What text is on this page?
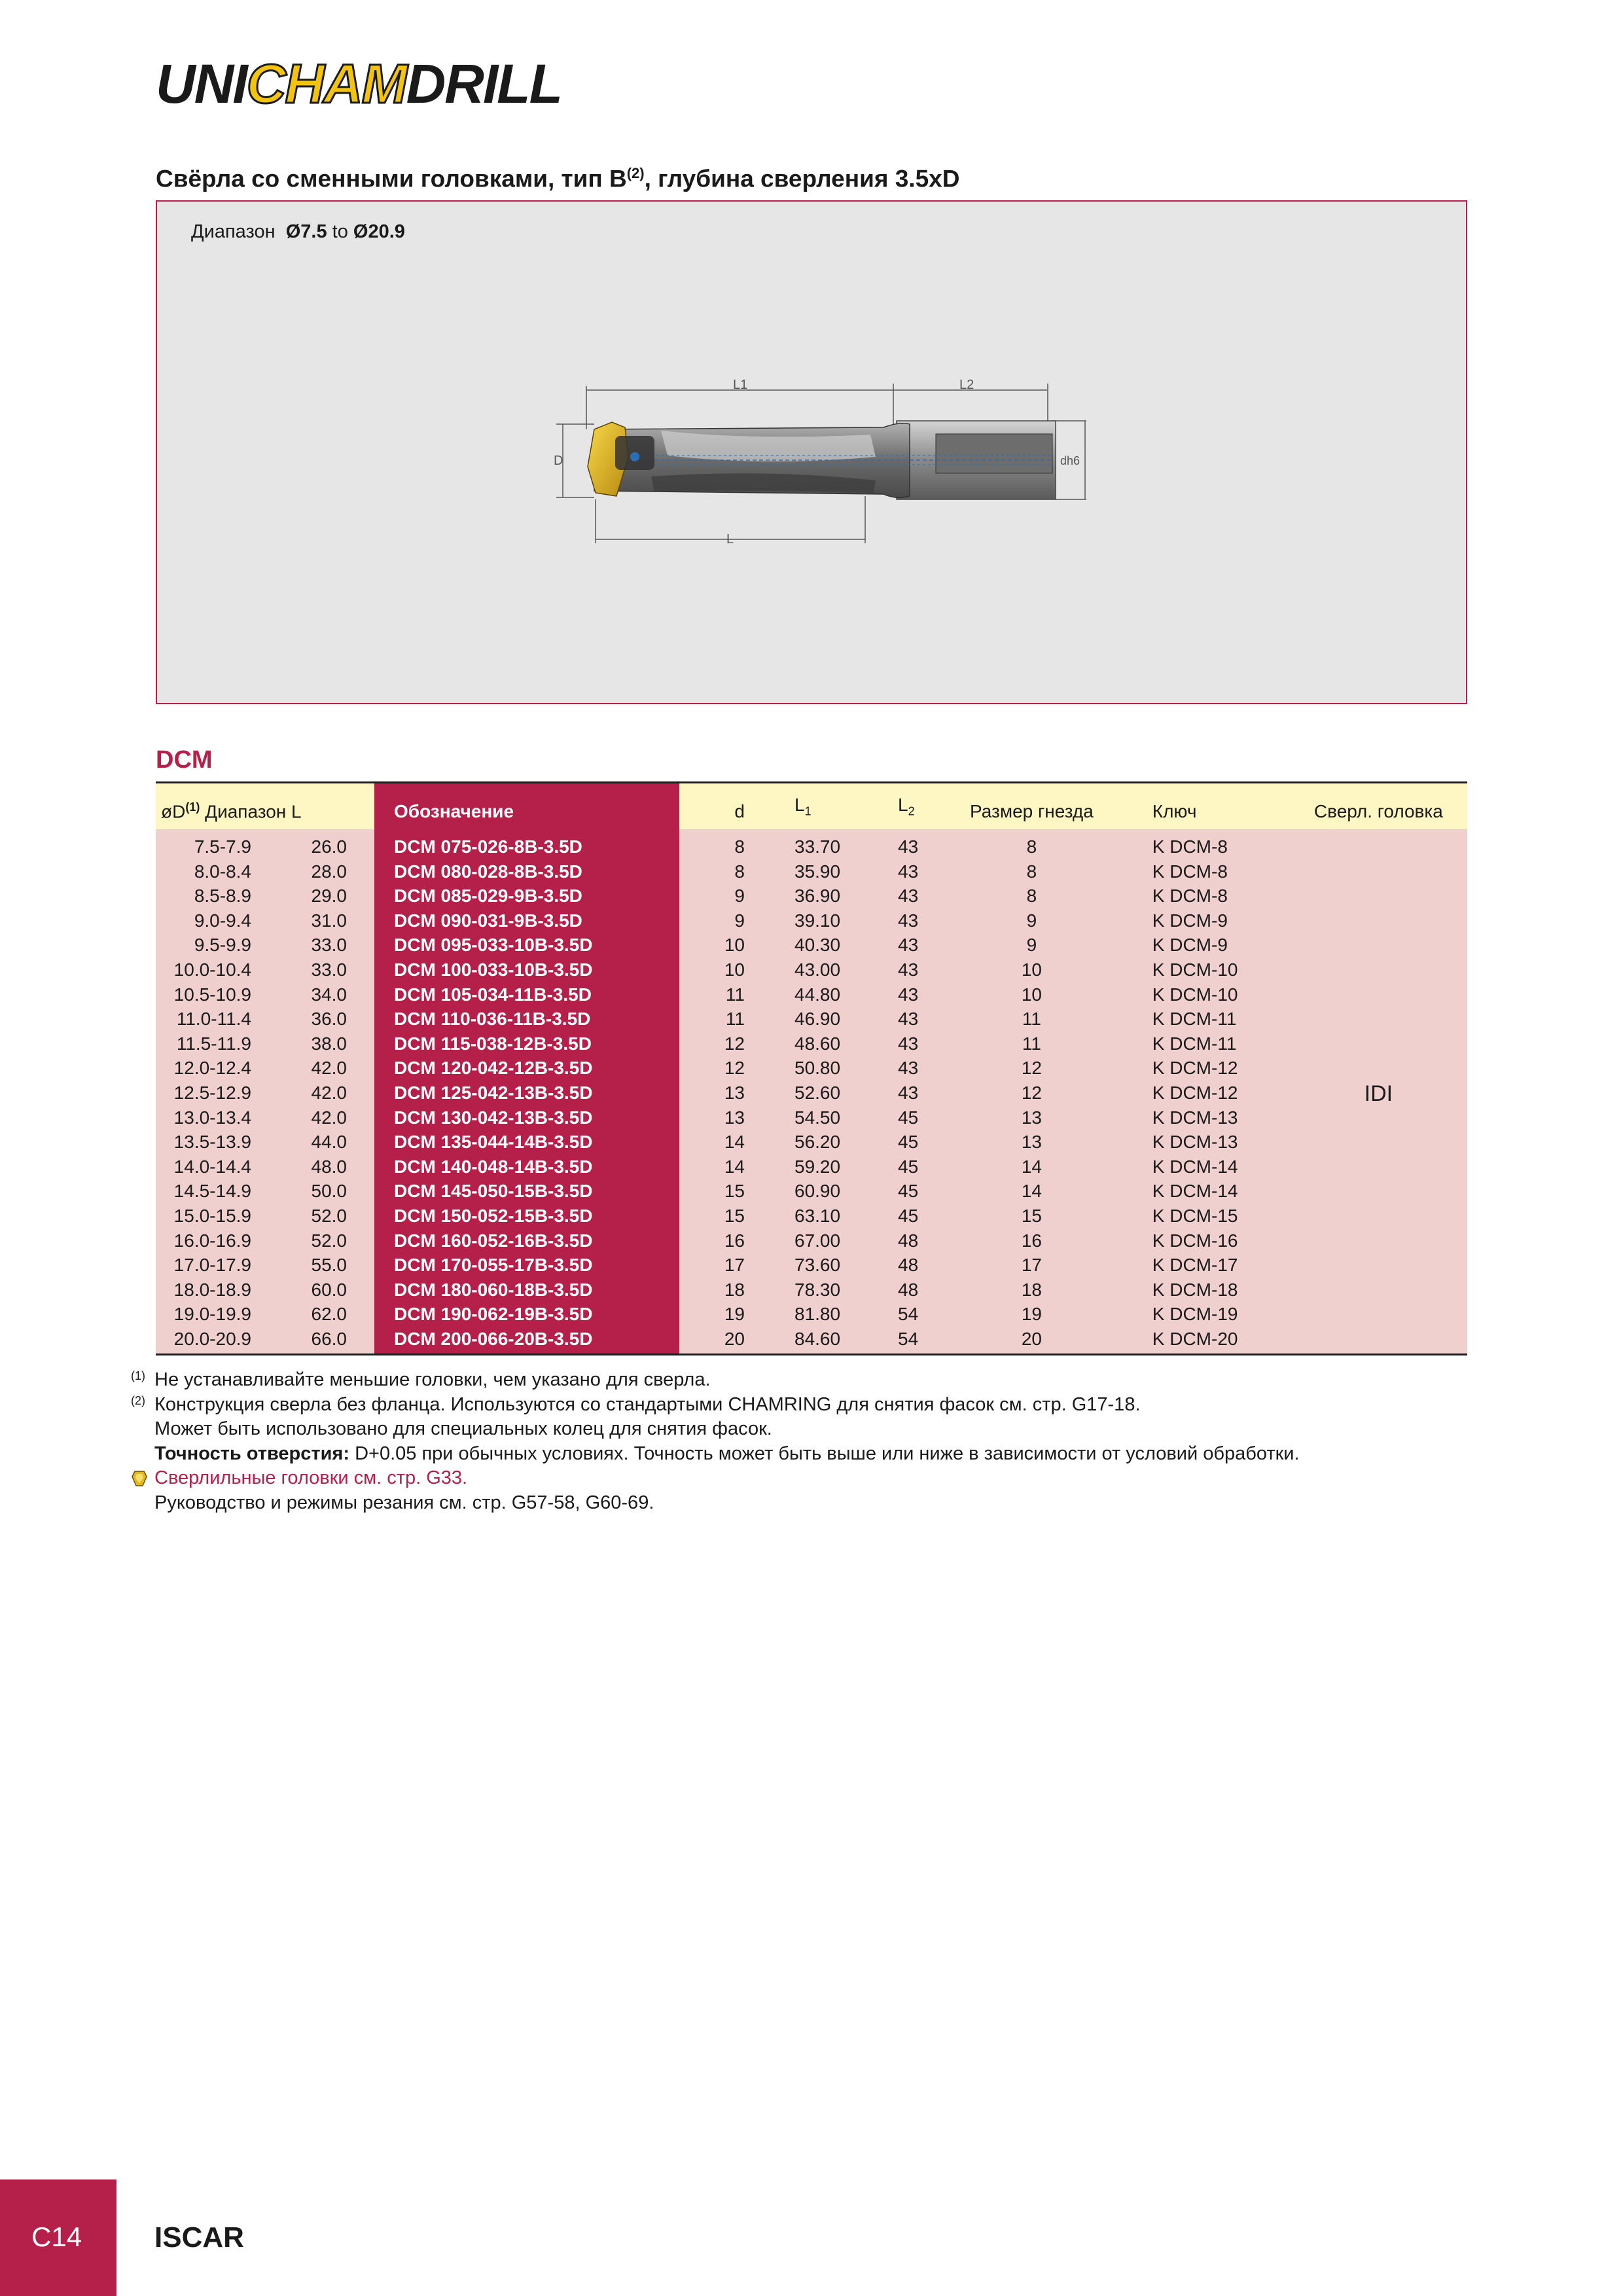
UNICHAMDRILL
Свёрла со сменными головками, тип $B^{(2)}$, глубина сверления 3.5xD
Диапазон Ø7.5 to Ø20.9
L1	L2
D	dh6
L
DCM
$øD^{(1)}$ Диапазон L		Обозначение	d	$L_1$	$L_2$	Размер гнезда	Ключ	Сверл. головка
7.5-7.9	26.0	DCM 075-026-8B-3.5D	8	33.70	43	8	K DCM-8	IDI
8.0-8.4	28.0	DCM 080-028-8B-3.5D	8	35.90	43	8	K DCM-8	
8.5-8.9	29.0	DCM 085-029-9B-3.5D	9	36.90	43	8	K DCM-8	
9.0-9.4	31.0	DCM 090-031-9B-3.5D	9	39.10	43	9	K DCM-9	
9.5-9.9	33.0	DCM 095-033-10B-3.5D	10	40.30	43	9	K DCM-9	
10.0-10.4	33.0	DCM 100-033-10B-3.5D	10	43.00	43	10	K DCM-10	
10.5-10.9	34.0	DCM 105-034-11B-3.5D	11	44.80	43	10	K DCM-10	
11.0-11.4	36.0	DCM 110-036-11B-3.5D	11	46.90	43	11	K DCM-11	
11.5-11.9	38.0	DCM 115-038-12B-3.5D	12	48.60	43	11	K DCM-11	
12.0-12.4	42.0	DCM 120-042-12B-3.5D	12	50.80	43	12	K DCM-12	
12.5-12.9	42.0	DCM 125-042-13B-3.5D	13	52.60	43	12	K DCM-12	
13.0-13.4	42.0	DCM 130-042-13B-3.5D	13	54.50	45	13	K DCM-13	
13.5-13.9	44.0	DCM 135-044-14B-3.5D	14	56.20	45	13	K DCM-13	
14.0-14.4	48.0	DCM 140-048-14B-3.5D	14	59.20	45	14	K DCM-14	
14.5-14.9	50.0	DCM 145-050-15B-3.5D	15	60.90	45	14	K DCM-14	
15.0-15.9	52.0	DCM 150-052-15B-3.5D	15	63.10	45	15	K DCM-15	
16.0-16.9	52.0	DCM 160-052-16B-3.5D	16	67.00	48	16	K DCM-16	
17.0-17.9	55.0	DCM 170-055-17B-3.5D	17	73.60	48	17	K DCM-17	
18.0-18.9	60.0	DCM 180-060-18B-3.5D	18	78.30	48	18	K DCM-18	
19.0-19.9	62.0	DCM 190-062-19B-3.5D	19	81.80	54	19	K DCM-19	
20.0-20.9	66.0	DCM 200-066-20B-3.5D	20	84.60	54	20	K DCM-20	

(1) Не устанавливайте меньшие головки, чем указано для сверла.
(2) Конструкция сверла без фланца. Используются со стандартыми CHAMRING для снятия фасок см. стр. G17-18.
Может быть использовано для специальных колец для снятия фасок.
Точность отверстия: D+0.05 при обычных условиях. Точность может быть выше или ниже в зависимости от условий обработки.
Сверлильные головки см. стр. G33.
Руководство и режимы резания см. стр. G57-58, G60-69.
C14	ISCAR
